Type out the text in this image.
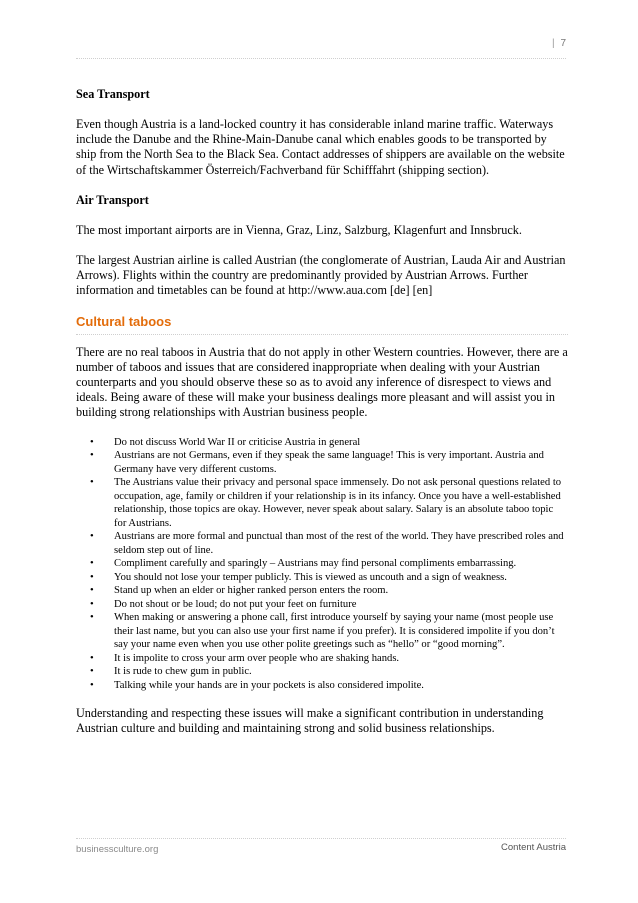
| 7
Sea Transport

Even though Austria is a land-locked country it has considerable inland marine traffic. Waterways include the Danube and the Rhine-Main-Danube canal which enables goods to be transported by ship from the North Sea to the Black Sea. Contact addresses of shippers are available on the website of the Wirtschaftskammer Österreich/Fachverband für Schifffahrt (shipping section).

Air Transport

The most important airports are in Vienna, Graz, Linz, Salzburg, Klagenfurt and Innsbruck.

The largest Austrian airline is called Austrian (the conglomerate of Austrian, Lauda Air and Austrian Arrows). Flights within the country are predominantly provided by Austrian Arrows. Further information and timetables can be found at http://www.aua.com [de] [en]

Cultural taboos

There are no real taboos in Austria that do not apply in other Western countries. However, there are a number of taboos and issues that are considered inappropriate when dealing with your Austrian counterparts and you should observe these so as to avoid any inference of disrespect to views and ideals. Being aware of these will make your business dealings more pleasant and will assist you in building strong relationships with Austrian business people.

• Do not discuss World War II or criticise Austria in general
• Austrians are not Germans, even if they speak the same language! This is very important. Austria and Germany have very different customs.
• The Austrians value their privacy and personal space immensely. Do not ask personal questions related to occupation, age, family or children if your relationship is in its infancy. Once you have a well-established relationship, those topics are okay. However, never speak about salary. Salary is an absolute taboo topic for Austrians.
• Austrians are more formal and punctual than most of the rest of the world. They have prescribed roles and seldom step out of line.
• Compliment carefully and sparingly – Austrians may find personal compliments embarrassing.
• You should not lose your temper publicly. This is viewed as uncouth and a sign of weakness.
• Stand up when an elder or higher ranked person enters the room.
• Do not shout or be loud; do not put your feet on furniture
• When making or answering a phone call, first introduce yourself by saying your name (most people use their last name, but you can also use your first name if you prefer). It is considered impolite if you don’t say your name even when you use other polite greetings such as “hello” or “good morning”.
• It is impolite to cross your arm over people who are shaking hands.
• It is rude to chew gum in public.
• Talking while your hands are in your pockets is also considered impolite.

Understanding and respecting these issues will make a significant contribution in understanding Austrian culture and building and maintaining strong and solid business relationships.

businessculture.org	Content Austria
